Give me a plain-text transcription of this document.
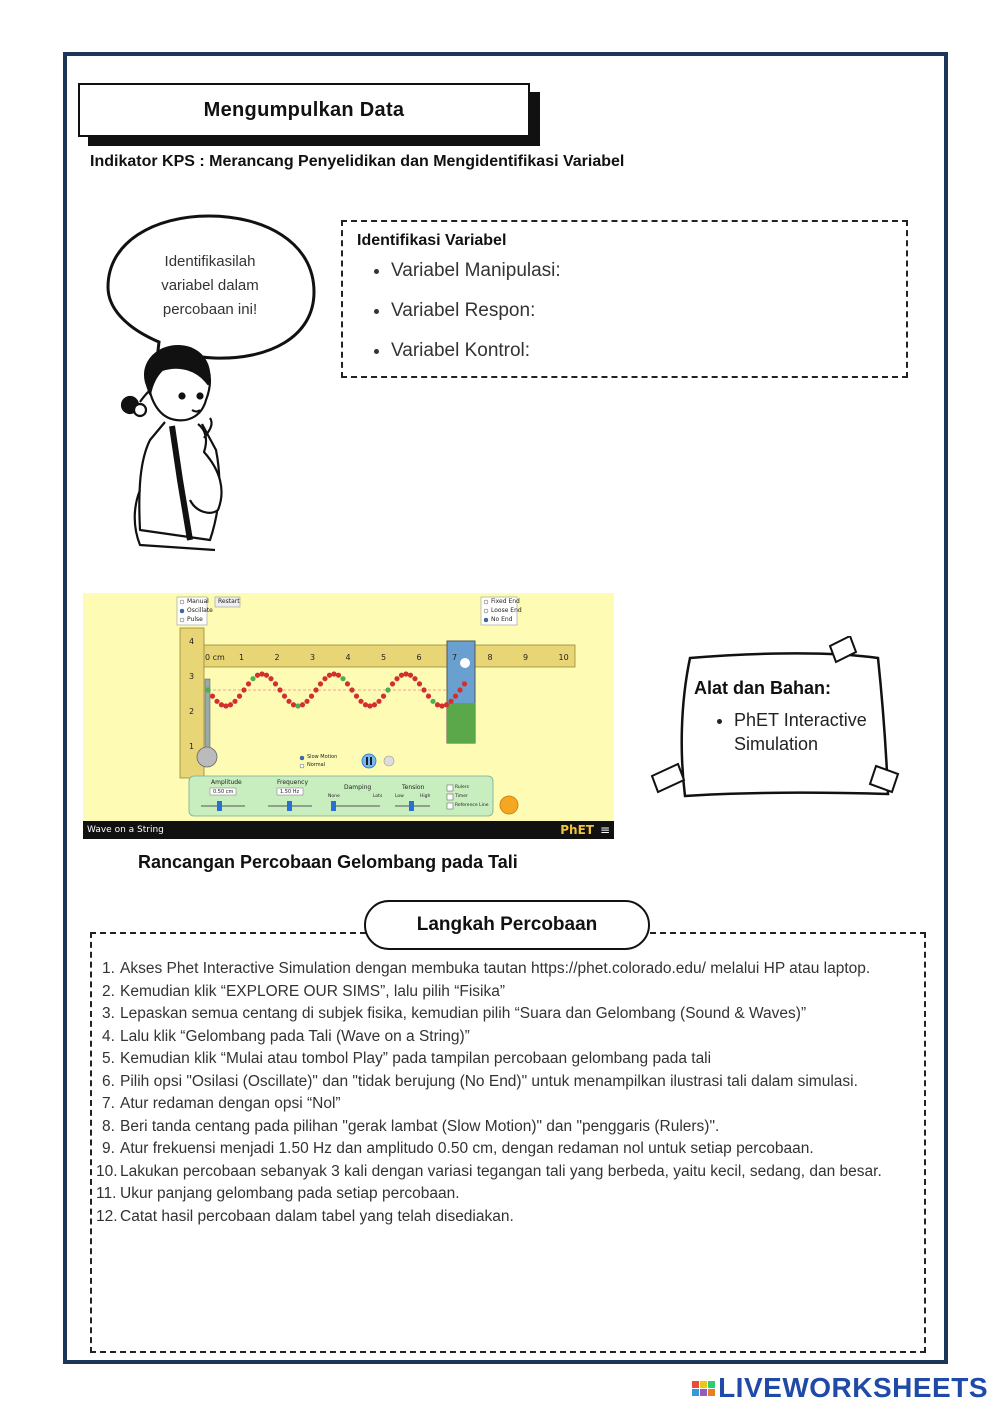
Mengumpulkan Data
Indikator KPS : Merancang Penyelidikan dan Mengidentifikasi Variabel
Identifikasilah
variabel dalam
percobaan ini!
Identifikasi Variabel
• Variabel Manipulasi:
• Variabel Respon:
• Variabel Kontrol:
Manual
Oscillate
Pulse
Restart	Fixed End
Loose End
No End
0 cm 1	2	3	4	5	6	7	8	9	10
4
3
2
1
Slow Motion
Normal
Amplitude
0.50 cm
Frequency
1.50 Hz
Damping
None	Lots
Tension
Low	High
Rulers
Timer
Reference Line
Wave on a String	PhET ≡
Rancangan Percobaan Gelombang pada Tali
Alat dan Bahan:
• PhET Interactive Simulation
Langkah Percobaan
1. Akses Phet Interactive Simulation dengan membuka tautan https://phet.colorado.edu/ melalui HP atau laptop.
2. Kemudian klik “EXPLORE OUR SIMS”, lalu pilih “Fisika”
3. Lepaskan semua centang di subjek fisika, kemudian pilih “Suara dan Gelombang (Sound & Waves)”
4. Lalu klik “Gelombang pada Tali (Wave on a String)”
5. Kemudian klik “Mulai atau tombol Play” pada tampilan percobaan gelombang pada tali
6. Pilih opsi "Osilasi (Oscillate)" dan "tidak berujung (No End)" untuk menampilkan ilustrasi tali dalam simulasi.
7. Atur redaman dengan opsi “Nol”
8. Beri tanda centang pada pilihan "gerak lambat (Slow Motion)" dan "penggaris (Rulers)".
9. Atur frekuensi menjadi 1.50 Hz dan amplitudo 0.50 cm, dengan redaman nol untuk setiap percobaan.
10. Lakukan percobaan sebanyak 3 kali dengan variasi tegangan tali yang berbeda, yaitu kecil, sedang, dan besar.
11. Ukur panjang gelombang pada setiap percobaan.
12. Catat hasil percobaan dalam tabel yang telah disediakan.
LIVEWORKSHEETS
